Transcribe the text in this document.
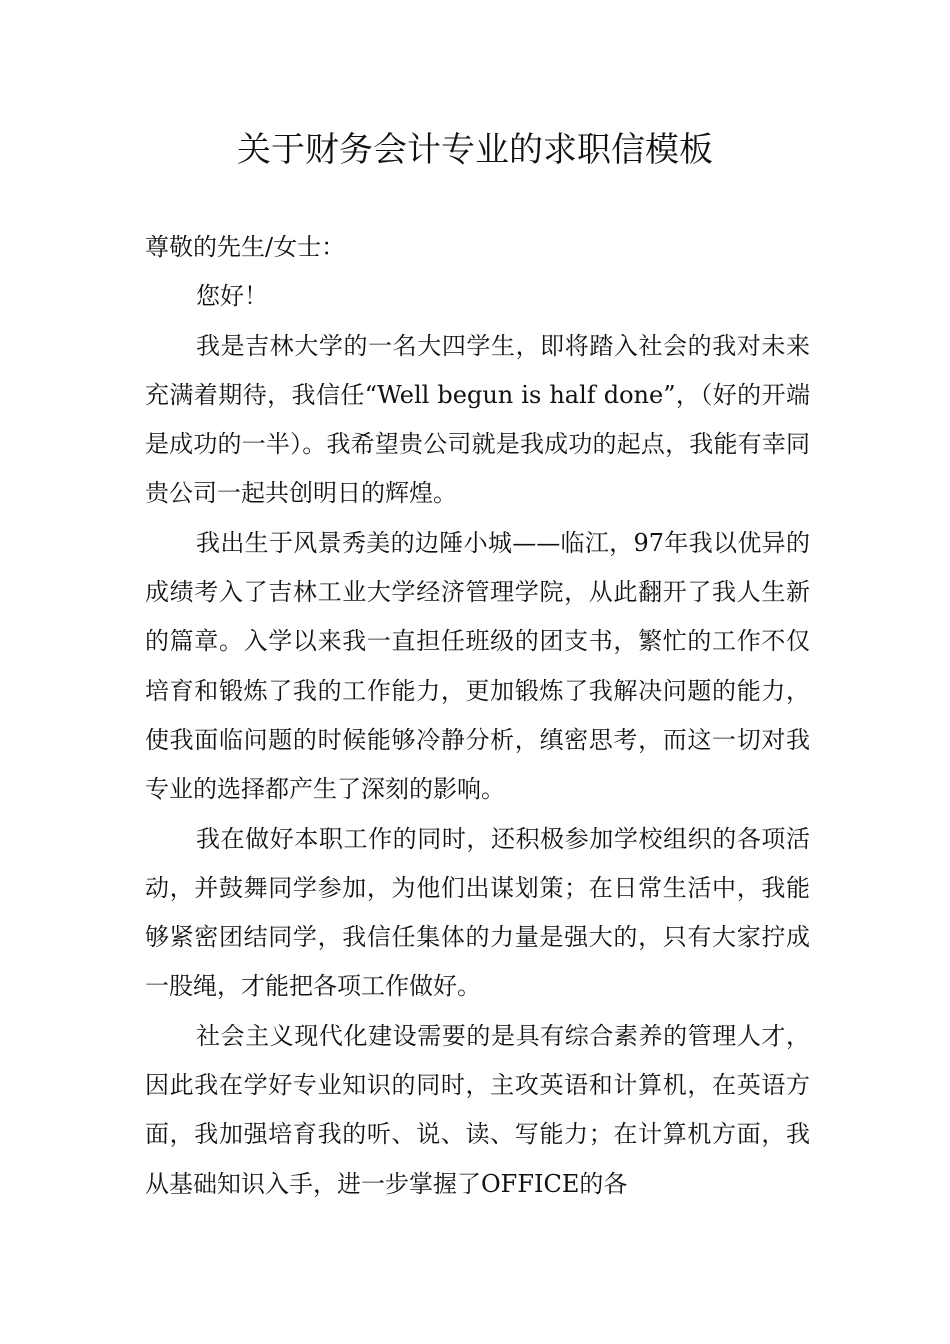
关于财务会计专业的求职信模板

尊敬的先生/女士：

您好！

我是吉林大学的一名大四学生，即将踏入社会的我对未来充满着期待，我信任“Well begun is half done”，（好的开端是成功的一半）。我希望贵公司就是我成功的起点，我能有幸同贵公司一起共创明日的辉煌。

我出生于风景秀美的边陲小城——临江，97年我以优异的成绩考入了吉林工业大学经济管理学院，从此翻开了我人生新的篇章。入学以来我一直担任班级的团支书，繁忙的工作不仅培育和锻炼了我的工作能力，更加锻炼了我解决问题的能力，使我面临问题的时候能够冷静分析，缜密思考，而这一切对我专业的选择都产生了深刻的影响。

我在做好本职工作的同时，还积极参加学校组织的各项活动，并鼓舞同学参加，为他们出谋划策；在日常生活中，我能够紧密团结同学，我信任集体的力量是强大的，只有大家拧成一股绳，才能把各项工作做好。

社会主义现代化建设需要的是具有综合素养的管理人才，因此我在学好专业知识的同时，主攻英语和计算机，在英语方面，我加强培育我的听、说、读、写能力；在计算机方面，我从基础知识入手，进一步掌握了OFFICE的各
